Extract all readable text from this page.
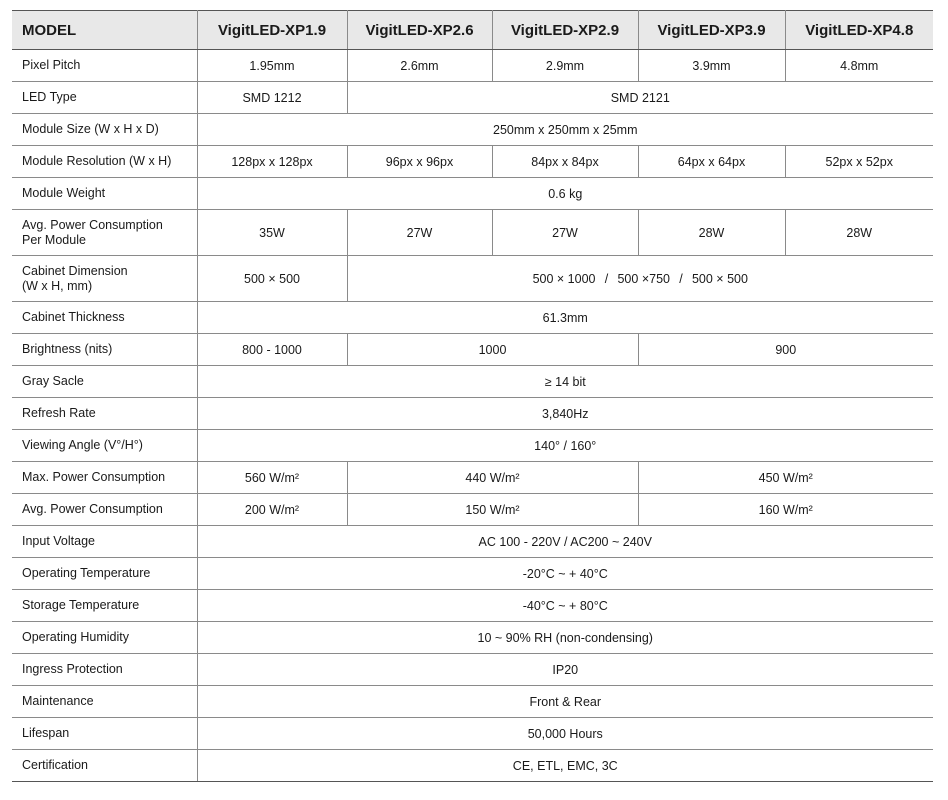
MODEL	VigitLED-XP1.9	VigitLED-XP2.6	VigitLED-XP2.9	VigitLED-XP3.9	VigitLED-XP4.8
Pixel Pitch	1.95mm	2.6mm	2.9mm	3.9mm	4.8mm
LED Type	SMD 1212	SMD 2121			
Module Size (W x H x D)	250mm x 250mm x 25mm				
Module Resolution (W x H)	128px x 128px	96px x 96px	84px x 84px	64px x 64px	52px x 52px
Module Weight	0.6 kg				
Avg. Power Consumption
Per Module	35W	27W	27W	28W	28W
Cabinet Dimension
(W x H, mm)	500 × 500	500 × 1000 / 500 ×750 / 500 × 500			
Cabinet Thickness	61.3mm				
Brightness (nits)	800 - 1000	1000		900	
Gray Sacle	≥ 14 bit				
Refresh Rate	3,840Hz				
Viewing Angle (V°/H°)	140° / 160°				
Max. Power Consumption	560 W/m²	440 W/m²		450 W/m²	
Avg. Power Consumption	200 W/m²	150 W/m²		160 W/m²	
Input Voltage	AC 100 - 220V / AC200 ~ 240V				
Operating Temperature	-20°C ~ + 40°C				
Storage Temperature	-40°C ~ + 80°C				
Operating Humidity	10 ~ 90% RH (non-condensing)				
Ingress Protection	IP20				
Maintenance	Front & Rear				
Lifespan	50,000 Hours				
Certification	CE, ETL, EMC, 3C				
